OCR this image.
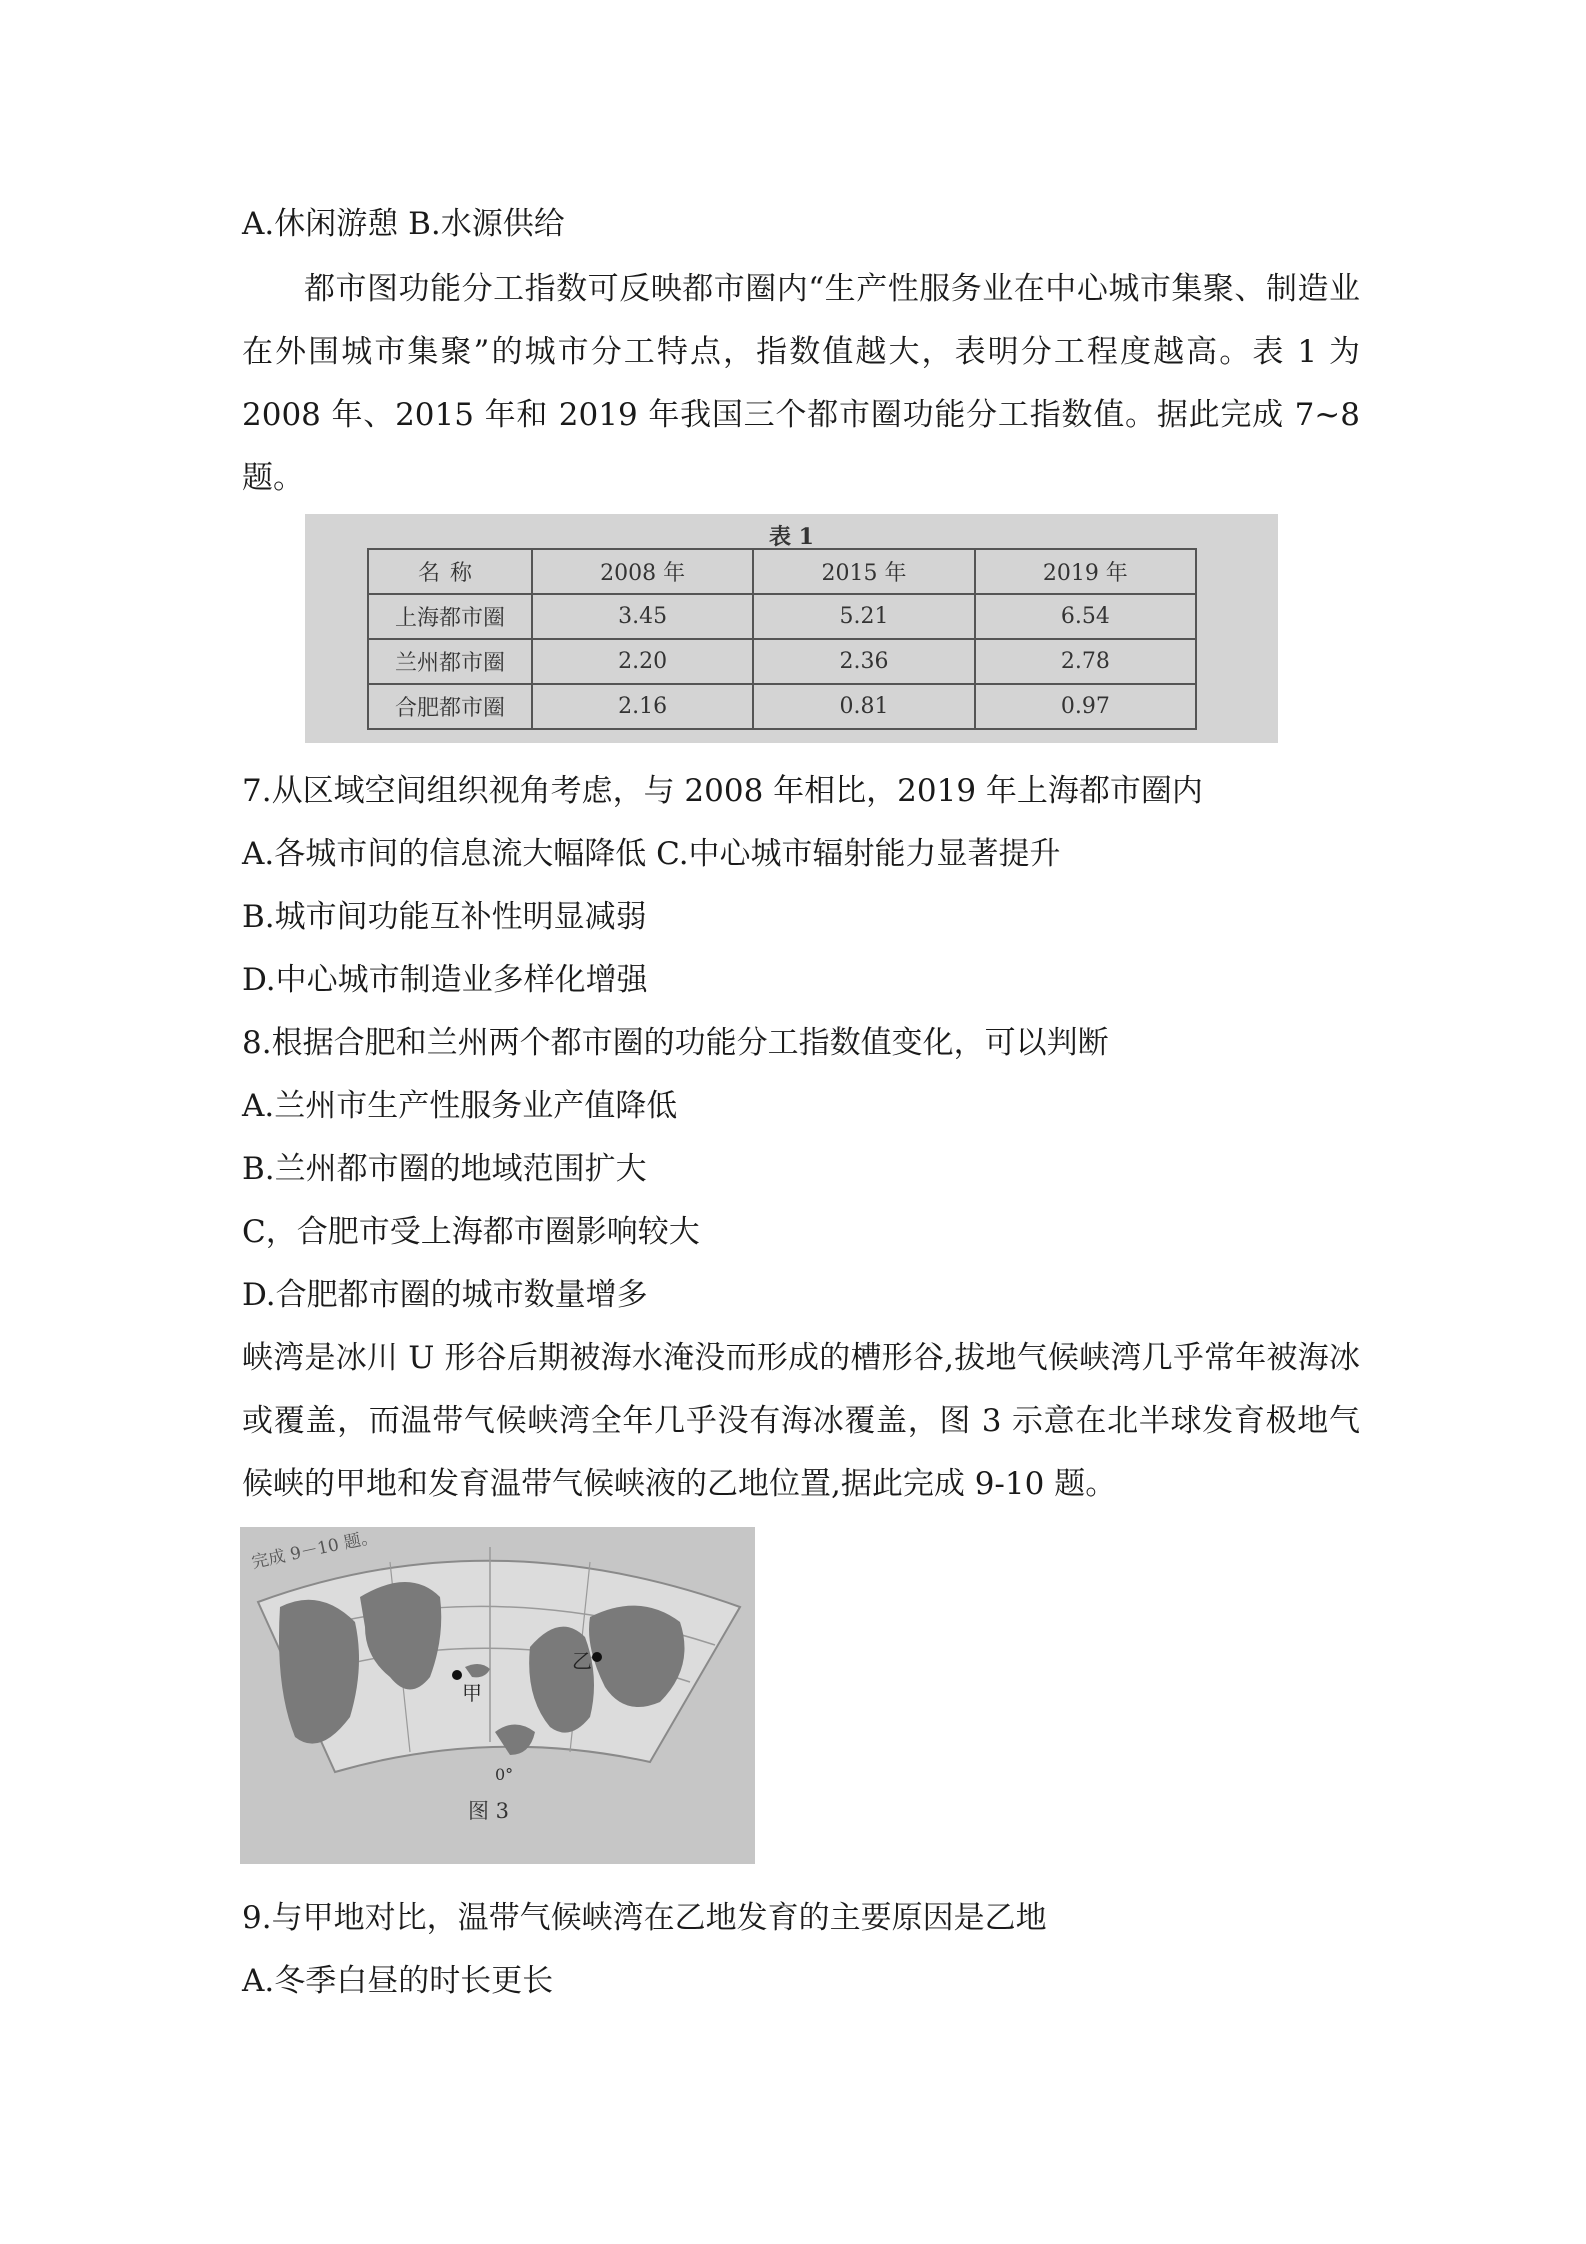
A.休闲游憩 B.水源供给

都市图功能分工指数可反映都市圈内“生产性服务业在中心城市集聚、制造业在外围城市集聚”的城市分工特点，指数值越大，表明分工程度越高。表 1 为 2008 年、2015 年和 2019 年我国三个都市圈功能分工指数值。据此完成 7~8 题。

表 1
名称	2008 年	2015 年	2019 年
上海都市圈	3.45	5.21	6.54
兰州都市圈	2.20	2.36	2.78
合肥都市圈	2.16	0.81	0.97
7.从区域空间组织视角考虑，与 2008 年相比，2019 年上海都市圈内
A.各城市间的信息流大幅降低 C.中心城市辐射能力显著提升
B.城市间功能互补性明显减弱
D.中心城市制造业多样化增强
8.根据合肥和兰州两个都市圈的功能分工指数值变化，可以判断
A.兰州市生产性服务业产值降低
B.兰州都市圈的地域范围扩大
C，合肥市受上海都市圈影响较大
D.合肥都市圈的城市数量增多

峡湾是冰川 U 形谷后期被海水淹没而形成的槽形谷,拔地气候峡湾几乎常年被海冰或覆盖，而温带气候峡湾全年几乎没有海冰覆盖，图 3 示意在北半球发育极地气候峡的甲地和发育温带气候峡液的乙地位置,据此完成 9-10 题。

完成 9－10 题。
甲
乙
0°
图 3
9.与甲地对比，温带气候峡湾在乙地发育的主要原因是乙地
A.冬季白昼的时长更长
